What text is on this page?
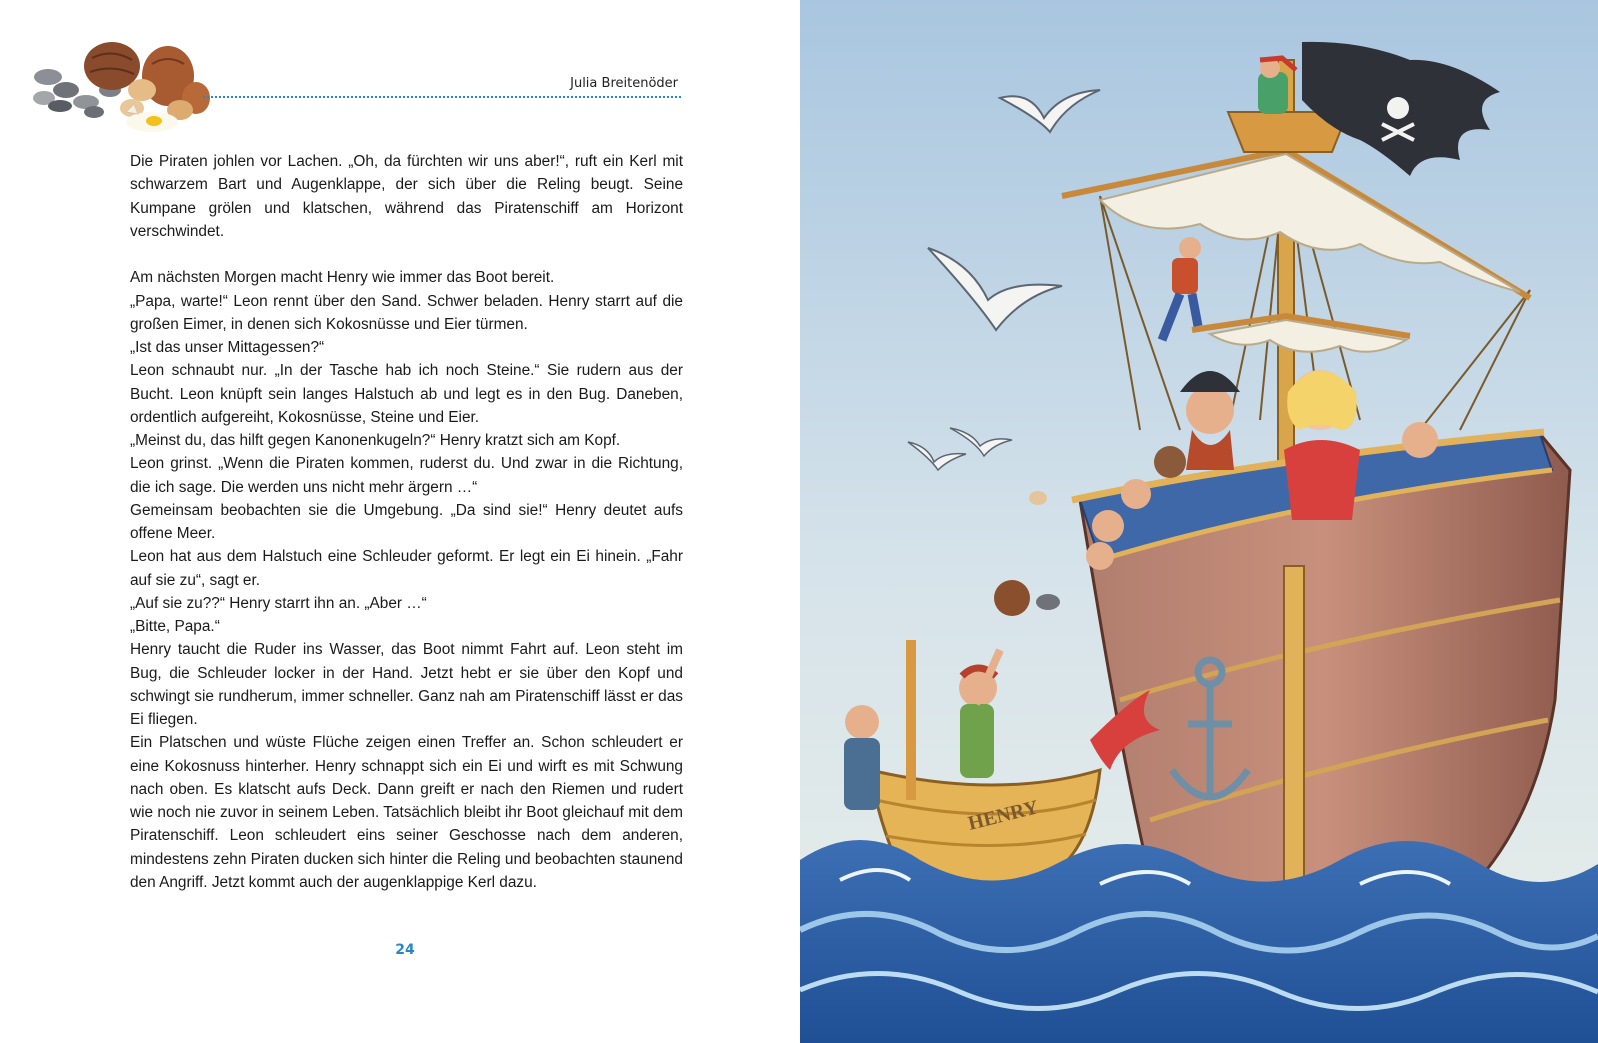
Julia Breitenöder

Die Piraten johlen vor Lachen. „Oh, da fürchten wir uns aber!“, ruft ein Kerl mit schwarzem Bart und Augenklappe, der sich über die Reling beugt. Seine Kumpane grölen und klatschen, während das Piratenschiff am Horizont verschwindet.

Am nächsten Morgen macht Henry wie immer das Boot bereit.

„Papa, warte!“ Leon rennt über den Sand. Schwer beladen. Henry starrt auf die großen Eimer, in denen sich Kokosnüsse und Eier türmen.

„Ist das unser Mittagessen?“

Leon schnaubt nur. „In der Tasche hab ich noch Steine.“ Sie rudern aus der Bucht. Leon knüpft sein langes Halstuch ab und legt es in den Bug. Daneben, ordentlich aufgereiht, Kokosnüsse, Steine und Eier.

„Meinst du, das hilft gegen Kanonenkugeln?“ Henry kratzt sich am Kopf.

Leon grinst. „Wenn die Piraten kommen, ruderst du. Und zwar in die Richtung, die ich sage. Die werden uns nicht mehr ärgern …“

Gemeinsam beobachten sie die Umgebung. „Da sind sie!“ Henry deutet aufs offene Meer.

Leon hat aus dem Halstuch eine Schleuder geformt. Er legt ein Ei hinein. „Fahr auf sie zu“, sagt er.

„Auf sie zu??“ Henry starrt ihn an. „Aber …“

„Bitte, Papa.“

Henry taucht die Ruder ins Wasser, das Boot nimmt Fahrt auf. Leon steht im Bug, die Schleuder locker in der Hand. Jetzt hebt er sie über den Kopf und schwingt sie rundherum, immer schneller. Ganz nah am Piratenschiff lässt er das Ei fliegen.

Ein Platschen und wüste Flüche zeigen einen Treffer an. Schon schleudert er eine Kokosnuss hinterher. Henry schnappt sich ein Ei und wirft es mit Schwung nach oben. Es klatscht aufs Deck. Dann greift er nach den Riemen und rudert wie noch nie zuvor in seinem Leben. Tatsächlich bleibt ihr Boot gleichauf mit dem Piratenschiff. Leon schleudert eins seiner Geschosse nach dem anderen, mindestens zehn Piraten ducken sich hinter die Reling und beobachten staunend den Angriff. Jetzt kommt auch der augenklappige Kerl dazu.

24
HENRY
